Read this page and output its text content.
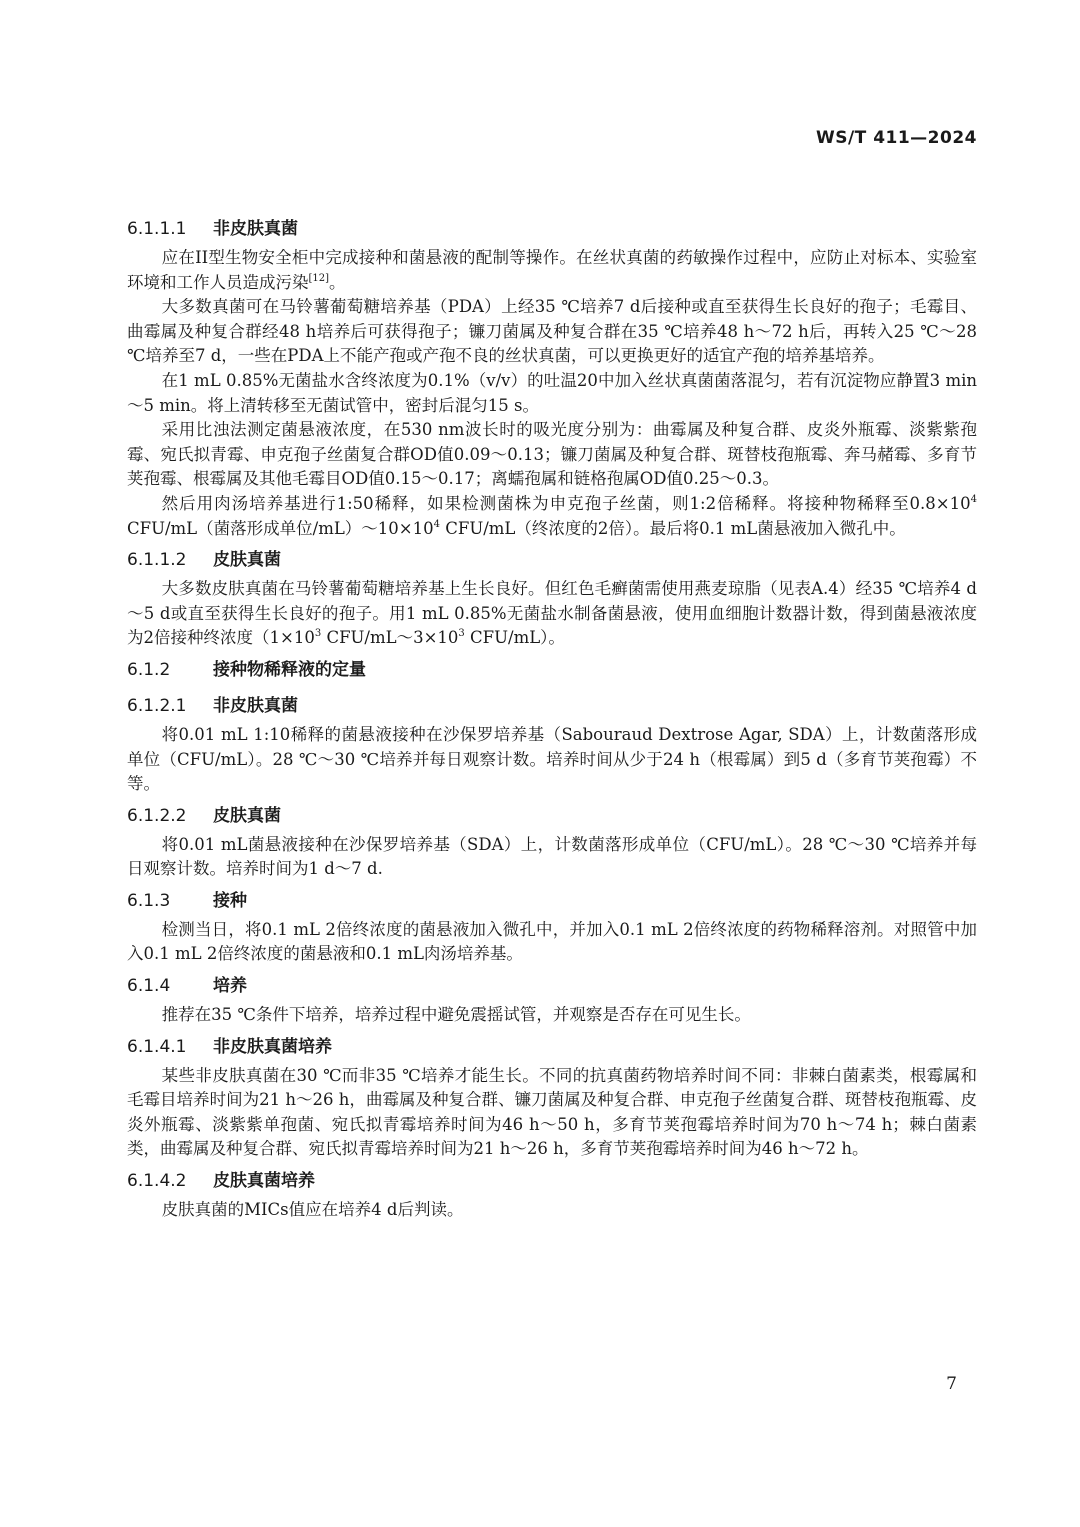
WS/T 411—2024
6.1.1.1 非皮肤真菌

应在II型生物安全柜中完成接种和菌悬液的配制等操作。在丝状真菌的药敏操作过程中，应防止对标本、实验室环境和工作人员造成污染[12]。

大多数真菌可在马铃薯葡萄糖培养基（PDA）上经35 ℃培养7 d后接种或直至获得生长良好的孢子；毛霉目、曲霉属及种复合群经48 h培养后可获得孢子；镰刀菌属及种复合群在35 ℃培养48 h～72 h后，再转入25 ℃～28 ℃培养至7 d，一些在PDA上不能产孢或产孢不良的丝状真菌，可以更换更好的适宜产孢的培养基培养。

在1 mL 0.85%无菌盐水含终浓度为0.1%（v/v）的吐温20中加入丝状真菌菌落混匀，若有沉淀物应静置3 min～5 min。将上清转移至无菌试管中，密封后混匀15 s。

采用比浊法测定菌悬液浓度，在530 nm波长时的吸光度分别为：曲霉属及种复合群、皮炎外瓶霉、淡紫紫孢霉、宛氏拟青霉、申克孢子丝菌复合群OD值0.09～0.13；镰刀菌属及种复合群、斑替枝孢瓶霉、奔马赭霉、多育节荚孢霉、根霉属及其他毛霉目OD值0.15～0.17；离蠕孢属和链格孢属OD值0.25～0.3。

然后用肉汤培养基进行1:50稀释，如果检测菌株为申克孢子丝菌，则1:2倍稀释。将接种物稀释至$0.8\times 10^4$ CFU/mL（菌落形成单位$/mL)\sim 10\times 10^4$ CFU/mL（终浓度的2倍）。最后将0.1 mL菌悬液加入微孔中。

6.1.1.2 皮肤真菌

大多数皮肤真菌在马铃薯葡萄糖培养基上生长良好。但红色毛癣菌需使用燕麦琼脂（见表A.4）经35 ℃培养4 d～5 d或直至获得生长良好的孢子。用1 mL 0.85%无菌盐水制备菌悬液，使用血细胞计数器计数，得到菌悬液浓度为2倍接种终浓度（$1\times 10^3$ CFU/$mL\sim 3\times 10^3$ CFU/mL）。

6.1.2	接种物稀释液的定量
6.1.2.1 非皮肤真菌

将0.01 mL 1:10稀释的菌悬液接种在沙保罗培养基（Sabouraud Dextrose Agar, SDA）上，计数菌落形成单位（CFU/mL）。28 ℃～30 ℃培养并每日观察计数。培养时间从少于24 h（根霉属）到5 d（多育节荚孢霉）不等。

6.1.2.2 皮肤真菌

将0.01 mL菌悬液接种在沙保罗培养基（SDA）上，计数菌落形成单位（CFU/mL）。28 ℃～30 ℃培养并每日观察计数。培养时间为1 d～7 d.

6.1.3	接种

检测当日，将0.1 mL 2倍终浓度的菌悬液加入微孔中，并加入0.1 mL 2倍终浓度的药物稀释溶剂。对照管中加入0.1 mL 2倍终浓度的菌悬液和0.1 mL肉汤培养基。

6.1.4	培养

推荐在35 ℃条件下培养，培养过程中避免震摇试管，并观察是否存在可见生长。

6.1.4.1 非皮肤真菌培养

某些非皮肤真菌在30 ℃而非35 ℃培养才能生长。不同的抗真菌药物培养时间不同：非棘白菌素类，根霉属和毛霉目培养时间为21 h～26 h，曲霉属及种复合群、镰刀菌属及种复合群、申克孢子丝菌复合群、斑替枝孢瓶霉、皮炎外瓶霉、淡紫紫单孢菌、宛氏拟青霉培养时间为46 h～50 h，多育节荚孢霉培养时间为70 h～74 h；棘白菌素类，曲霉属及种复合群、宛氏拟青霉培养时间为21 h～26 h，多育节荚孢霉培养时间为46 h～72 h。

6.1.4.2 皮肤真菌培养

皮肤真菌的MICs值应在培养4 d后判读。

7
